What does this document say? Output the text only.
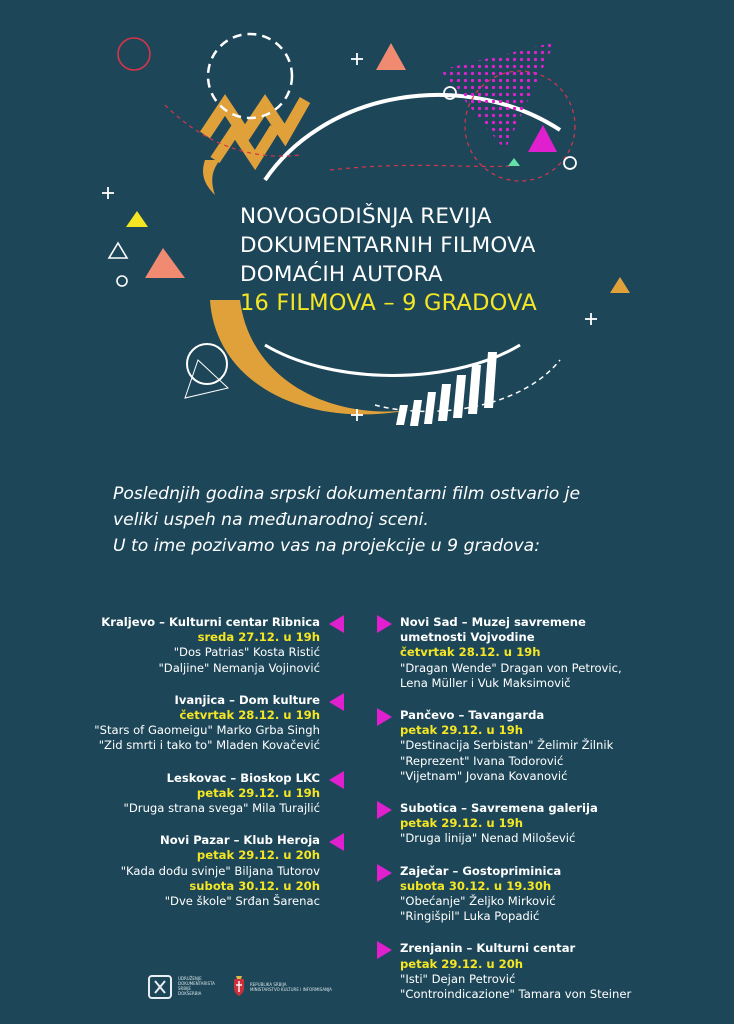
NOVOGODIŠNJA REVIJA
DOKUMENTARNIH FILMOVA
DOMAĆIH AUTORA
16 FILMOVA – 9 GRADOVA

Poslednjih godina srpski dokumentarni film ostvario je
veliki uspeh na međunarodnoj sceni.
U to ime pozivamo vas na projekcije u 9 gradova:

Kraljevo – Kulturni centar Ribnica
sreda 27.12. u 19h
"Dos Patrias" Kosta Ristić
"Daljine" Nemanja Vojinović
Ivanjica – Dom kulture
četvrtak 28.12. u 19h
"Stars of Gaomeigu" Marko Grba Singh
"Zid smrti i tako to" Mladen Kovačević
Leskovac – Bioskop LKC
petak 29.12. u 19h
"Druga strana svega" Mila Turajlić
Novi Pazar – Klub Heroja
petak 29.12. u 20h
"Kada dođu svinje" Biljana Tutorov
subota 30.12. u 20h
"Dve škole" Srđan Šarenac
Novi Sad – Muzej savremene
umetnosti Vojvodine
četvrtak 28.12. u 19h
"Dragan Wende" Dragan von Petrovic,
Lena Müller i Vuk Maksimovič
Pančevo – Tavangarda
petak 29.12. u 19h
"Destinacija Serbistan" Želimir Žilnik
"Reprezent" Ivana Todorović
"Vijetnam" Jovana Kovanović
Subotica – Savremena galerija
petak 29.12. u 19h
"Druga linija" Nenad Milošević
Zaječar – Gostopriminica
subota 30.12. u 19.30h
"Obećanje" Željko Mirković
"Ringišpil" Luka Popadić
Zrenjanin – Kulturni centar
petak 29.12. u 20h
"Isti" Dejan Petrović
"Controindicazione" Tamara von Steiner
UDRUŽENJE
DOKUMENTARISTA
SRBIJE
DOKSERBIA
REPUBLIKA SRBIJA
MINISTARSTVO KULTURE I INFORMISANJA
